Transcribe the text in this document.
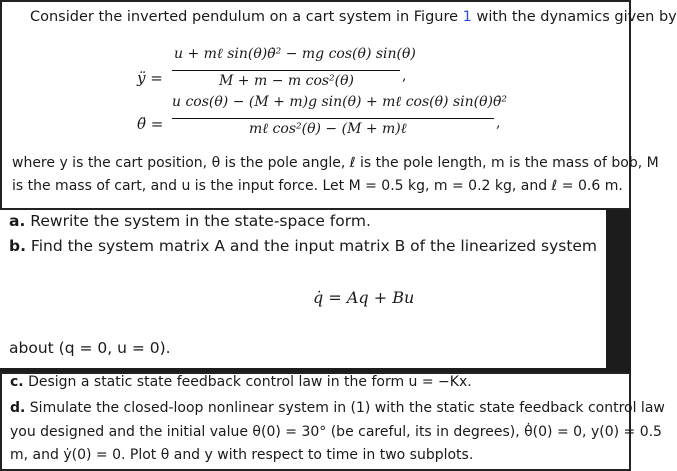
Consider the inverted pendulum on a cart system in Figure 1 with the dynamics given by
ÿ =
u + mℓ sin(θ)θ̇² − mg cos(θ) sin(θ)
M + m − m cos²(θ)	,
θ̈ =
u cos(θ) − (M + m)g sin(θ) + mℓ cos(θ) sin(θ)θ̇²
mℓ cos²(θ) − (M + m)ℓ	,
where y is the cart position, θ is the pole angle, ℓ is the pole length, m is the mass of bob, M
is the mass of cart, and u is the input force. Let M = 0.5 kg, m = 0.2 kg, and ℓ = 0.6 m.
a. Rewrite the system in the state-space form.
b. Find the system matrix A and the input matrix B of the linearized system
q̇ = Aq + Bu
about (q = 0, u = 0).
c. Design a static state feedback control law in the form u = −Kx.
d. Simulate the closed-loop nonlinear system in (1) with the static state feedback control law
you designed and the initial value θ(0) = 30° (be careful, its in degrees), θ̇(0) = 0, y(0) = 0.5
m, and ẏ(0) = 0. Plot θ and y with respect to time in two subplots.
